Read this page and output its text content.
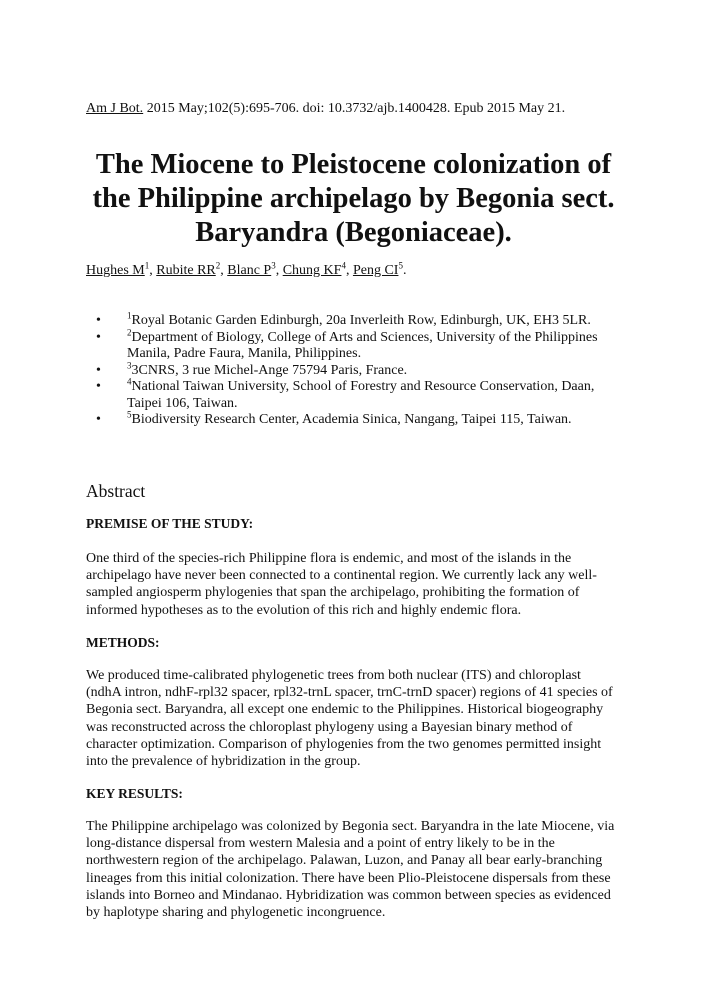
Am J Bot. 2015 May;102(5):695-706. doi: 10.3732/ajb.1400428. Epub 2015 May 21.
The Miocene to Pleistocene colonization of
the Philippine archipelago by Begonia sect.
Baryandra (Begoniaceae).
Hughes $M^1$, Rubite $RR^2$, Blanc $P^3$, Chung $KF^4$, Peng $CI^5$.
•	$^1$Royal Botanic Garden Edinburgh, 20a Inverleith Row, Edinburgh, UK, EH3 5LR.
•	$^2$Department of Biology, College of Arts and Sciences, University of the Philippines
Manila, Padre Faura, Manila, Philippines.
•	$^3$3CNRS, 3 rue Michel-Ange 75794 Paris, France.
•	$^4$National Taiwan University, School of Forestry and Resource Conservation, Daan,
Taipei 106, Taiwan.
•	$^5$Biodiversity Research Center, Academia Sinica, Nangang, Taipei 115, Taiwan.
Abstract
PREMISE OF THE STUDY:

One third of the species-rich Philippine flora is endemic, and most of the islands in the
archipelago have never been connected to a continental region. We currently lack any well-
sampled angiosperm phylogenies that span the archipelago, prohibiting the formation of
informed hypotheses as to the evolution of this rich and highly endemic flora.

METHODS:

We produced time-calibrated phylogenetic trees from both nuclear (ITS) and chloroplast
(ndhA intron, ndhF-rpl32 spacer, rpl32-trnL spacer, trnC-trnD spacer) regions of 41 species of
Begonia sect. Baryandra, all except one endemic to the Philippines. Historical biogeography
was reconstructed across the chloroplast phylogeny using a Bayesian binary method of
character optimization. Comparison of phylogenies from the two genomes permitted insight
into the prevalence of hybridization in the group.

KEY RESULTS:

The Philippine archipelago was colonized by Begonia sect. Baryandra in the late Miocene, via
long-distance dispersal from western Malesia and a point of entry likely to be in the
northwestern region of the archipelago. Palawan, Luzon, and Panay all bear early-branching
lineages from this initial colonization. There have been Plio-Pleistocene dispersals from these
islands into Borneo and Mindanao. Hybridization was common between species as evidenced
by haplotype sharing and phylogenetic incongruence.
